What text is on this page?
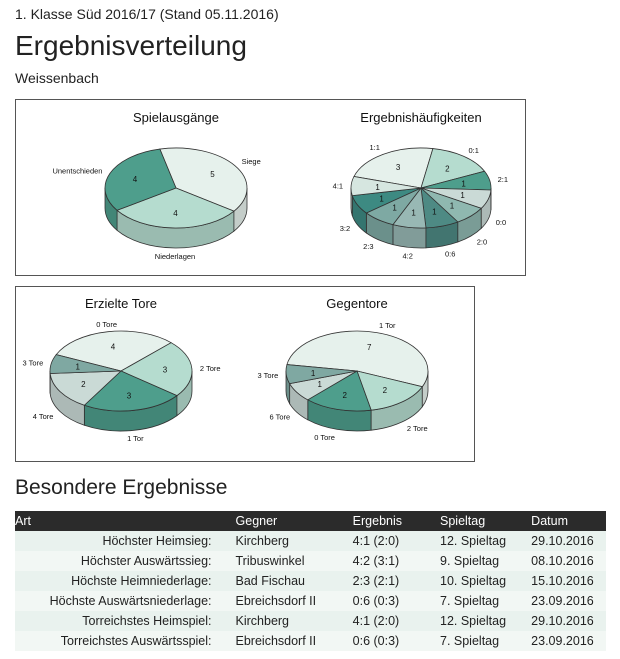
1. Klasse Süd 2016/17 (Stand 05.11.2016)
Ergebnisverteilung
Weissenbach
5
4
4
Siege
Niederlagen
Unentschieden
Spielausgänge
3	2
1
1
1
1
1
1
1
1
1:1	0:1
2:1
0:0
2:0
0:6
4:2
2:3
3:2
4:1
Ergebnishäufigkeiten
4
3
3
2
1
0 Tore
2 Tore
1 Tor
4 Tore
3 Tore
Erzielte Tore
7
2
2
1
1
1 Tor
2 Tore
0 Tore
6 Tore
3 Tore
Gegentore
Besondere Ergebnisse
Art	Gegner	Ergebnis	Spieltag	Datum
Höchster Heimsieg:	Kirchberg	4:1 (2:0)	12. Spieltag	29.10.2016
Höchster Auswärtssieg:	Tribuswinkel	4:2 (3:1)	9. Spieltag	08.10.2016
Höchste Heimniederlage:	Bad Fischau	2:3 (2:1)	10. Spieltag	15.10.2016
Höchste Auswärtsniederlage:	Ebreichsdorf II	0:6 (0:3)	7. Spieltag	23.09.2016
Torreichstes Heimspiel:	Kirchberg	4:1 (2:0)	12. Spieltag	29.10.2016
Torreichstes Auswärtsspiel:	Ebreichsdorf II	0:6 (0:3)	7. Spieltag	23.09.2016
